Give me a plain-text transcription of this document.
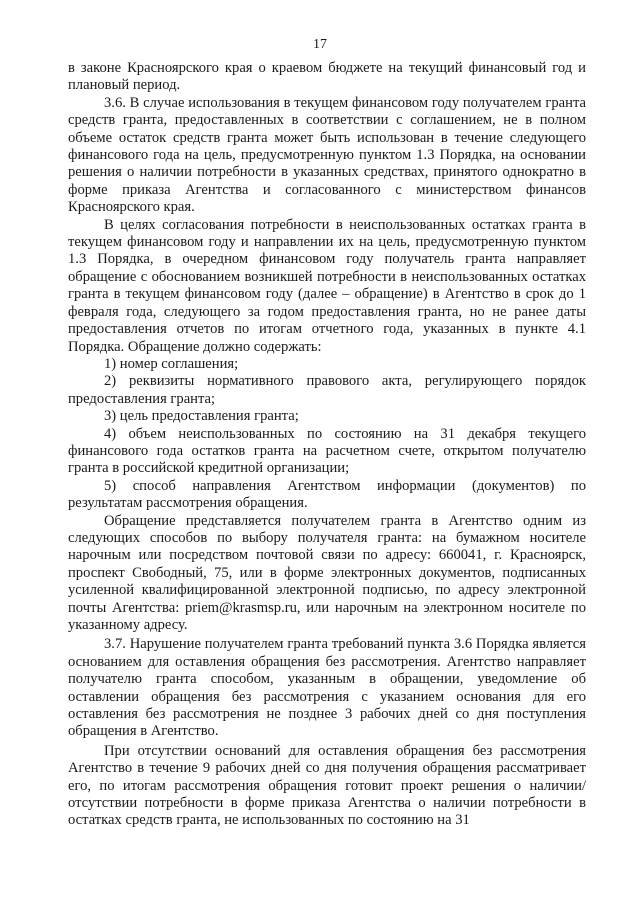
17

в законе Красноярского края о краевом бюджете на текущий финансовый год и плановый период.

3.6. В случае использования в текущем финансовом году получателем гранта средств гранта, предоставленных в соответствии с соглашением, не в полном объеме остаток средств гранта может быть использован в течение следующего финансового года на цель, предусмотренную пунктом 1.3 Порядка, на основании решения о наличии потребности в указанных средствах, принятого однократно в форме приказа Агентства и согласованного с министерством финансов Красноярского края.

В целях согласования потребности в неиспользованных остатках гранта в текущем финансовом году и направлении их на цель, предусмотренную пунктом 1.3 Порядка, в очередном финансовом году получатель гранта направляет обращение с обоснованием возникшей потребности в неиспользованных остатках гранта в текущем финансовом году (далее – обращение) в Агентство в срок до 1 февраля года, следующего за годом предоставления гранта, но не ранее даты предоставления отчетов по итогам отчетного года, указанных в пункте 4.1 Порядка. Обращение должно содержать:

1) номер соглашения;

2) реквизиты нормативного правового акта, регулирующего порядок предоставления гранта;

3) цель предоставления гранта;

4) объем неиспользованных по состоянию на 31 декабря текущего финансового года остатков гранта на расчетном счете, открытом получателю гранта в российской кредитной организации;

5) способ направления Агентством информации (документов) по результатам рассмотрения обращения.

Обращение представляется получателем гранта в Агентство одним из следующих способов по выбору получателя гранта: на бумажном носителе нарочным или посредством почтовой связи по адресу: 660041, г. Красноярск, проспект Свободный, 75, или в форме электронных документов, подписанных усиленной квалифицированной электронной подписью, по адресу электронной почты Агентства: priem@krasmsp.ru, или нарочным на электронном носителе по указанному адресу.

3.7. Нарушение получателем гранта требований пункта 3.6 Порядка является основанием для оставления обращения без рассмотрения. Агентство направляет получателю гранта способом, указанным в обращении, уведомление об оставлении обращения без рассмотрения с указанием основания для его оставления без рассмотрения не позднее 3 рабочих дней со дня поступления обращения в Агентство.

При отсутствии оснований для оставления обращения без рассмотрения Агентство в течение 9 рабочих дней со дня получения обращения рассматривает его, по итогам рассмотрения обращения готовит проект решения о наличии/отсутствии потребности в форме приказа Агентства о наличии потребности в остатках средств гранта, не использованных по состоянию на 31
